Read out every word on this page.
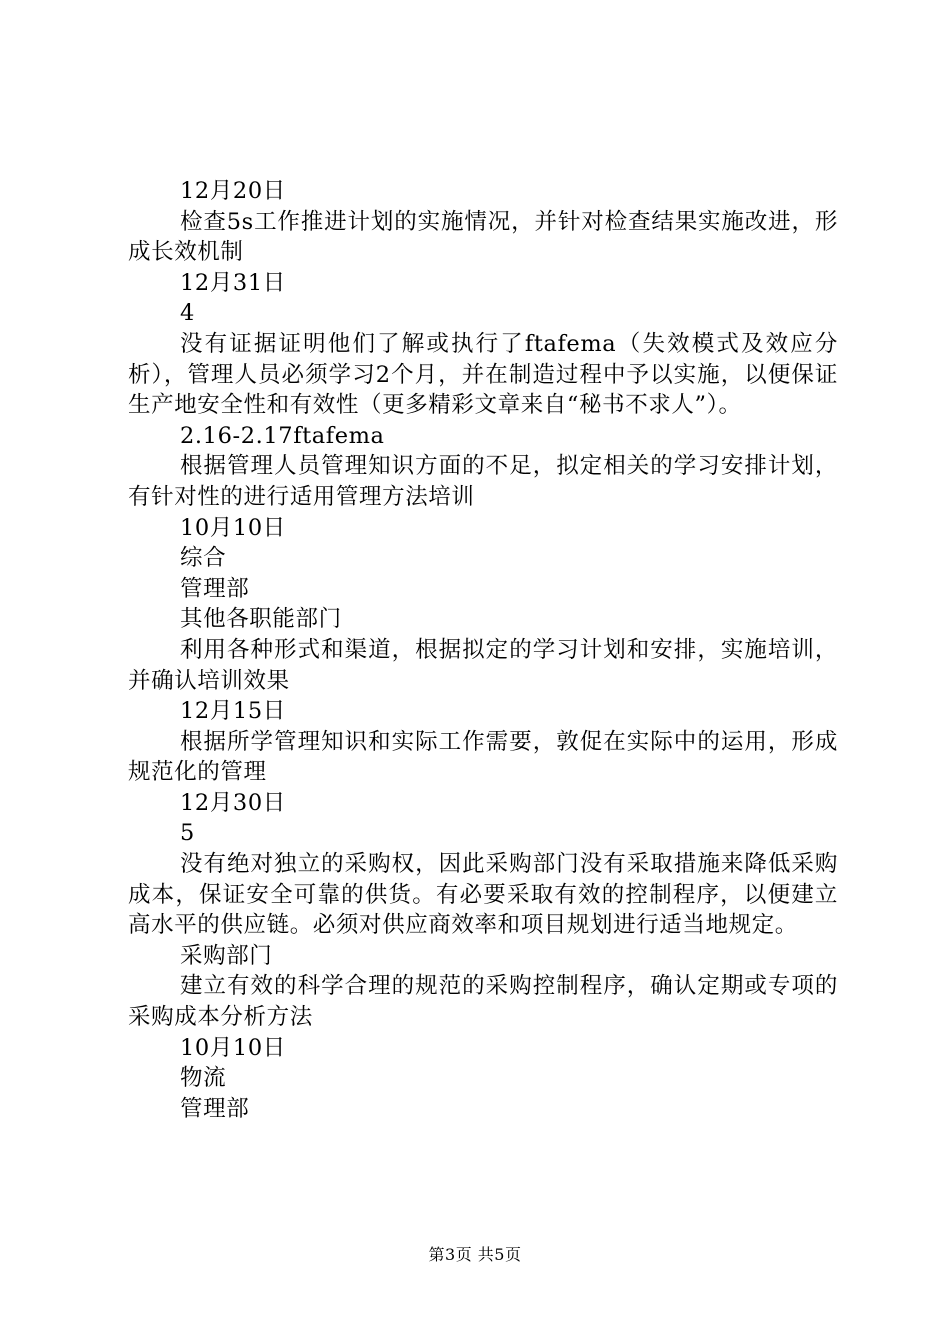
12月20日

检查5s工作推进计划的实施情况，并针对检查结果实施改进，形成长效机制

12月31日

4

没有证据证明他们了解或执行了ftafema（失效模式及效应分析），管理人员必须学习2个月，并在制造过程中予以实施，以便保证生产地安全性和有效性（更多精彩文章来自“秘书不求人”）。

2.16-2.17ftafema

根据管理人员管理知识方面的不足，拟定相关的学习安排计划，有针对性的进行适用管理方法培训

10月10日

综合

管理部

其他各职能部门

利用各种形式和渠道，根据拟定的学习计划和安排，实施培训，并确认培训效果

12月15日

根据所学管理知识和实际工作需要，敦促在实际中的运用，形成规范化的管理

12月30日

5

没有绝对独立的采购权，因此采购部门没有采取措施来降低采购成本，保证安全可靠的供货。有必要采取有效的控制程序，以便建立高水平的供应链。必须对供应商效率和项目规划进行适当地规定。

采购部门

建立有效的科学合理的规范的采购控制程序，确认定期或专项的采购成本分析方法

10月10日

物流

管理部

第3页 共5页
